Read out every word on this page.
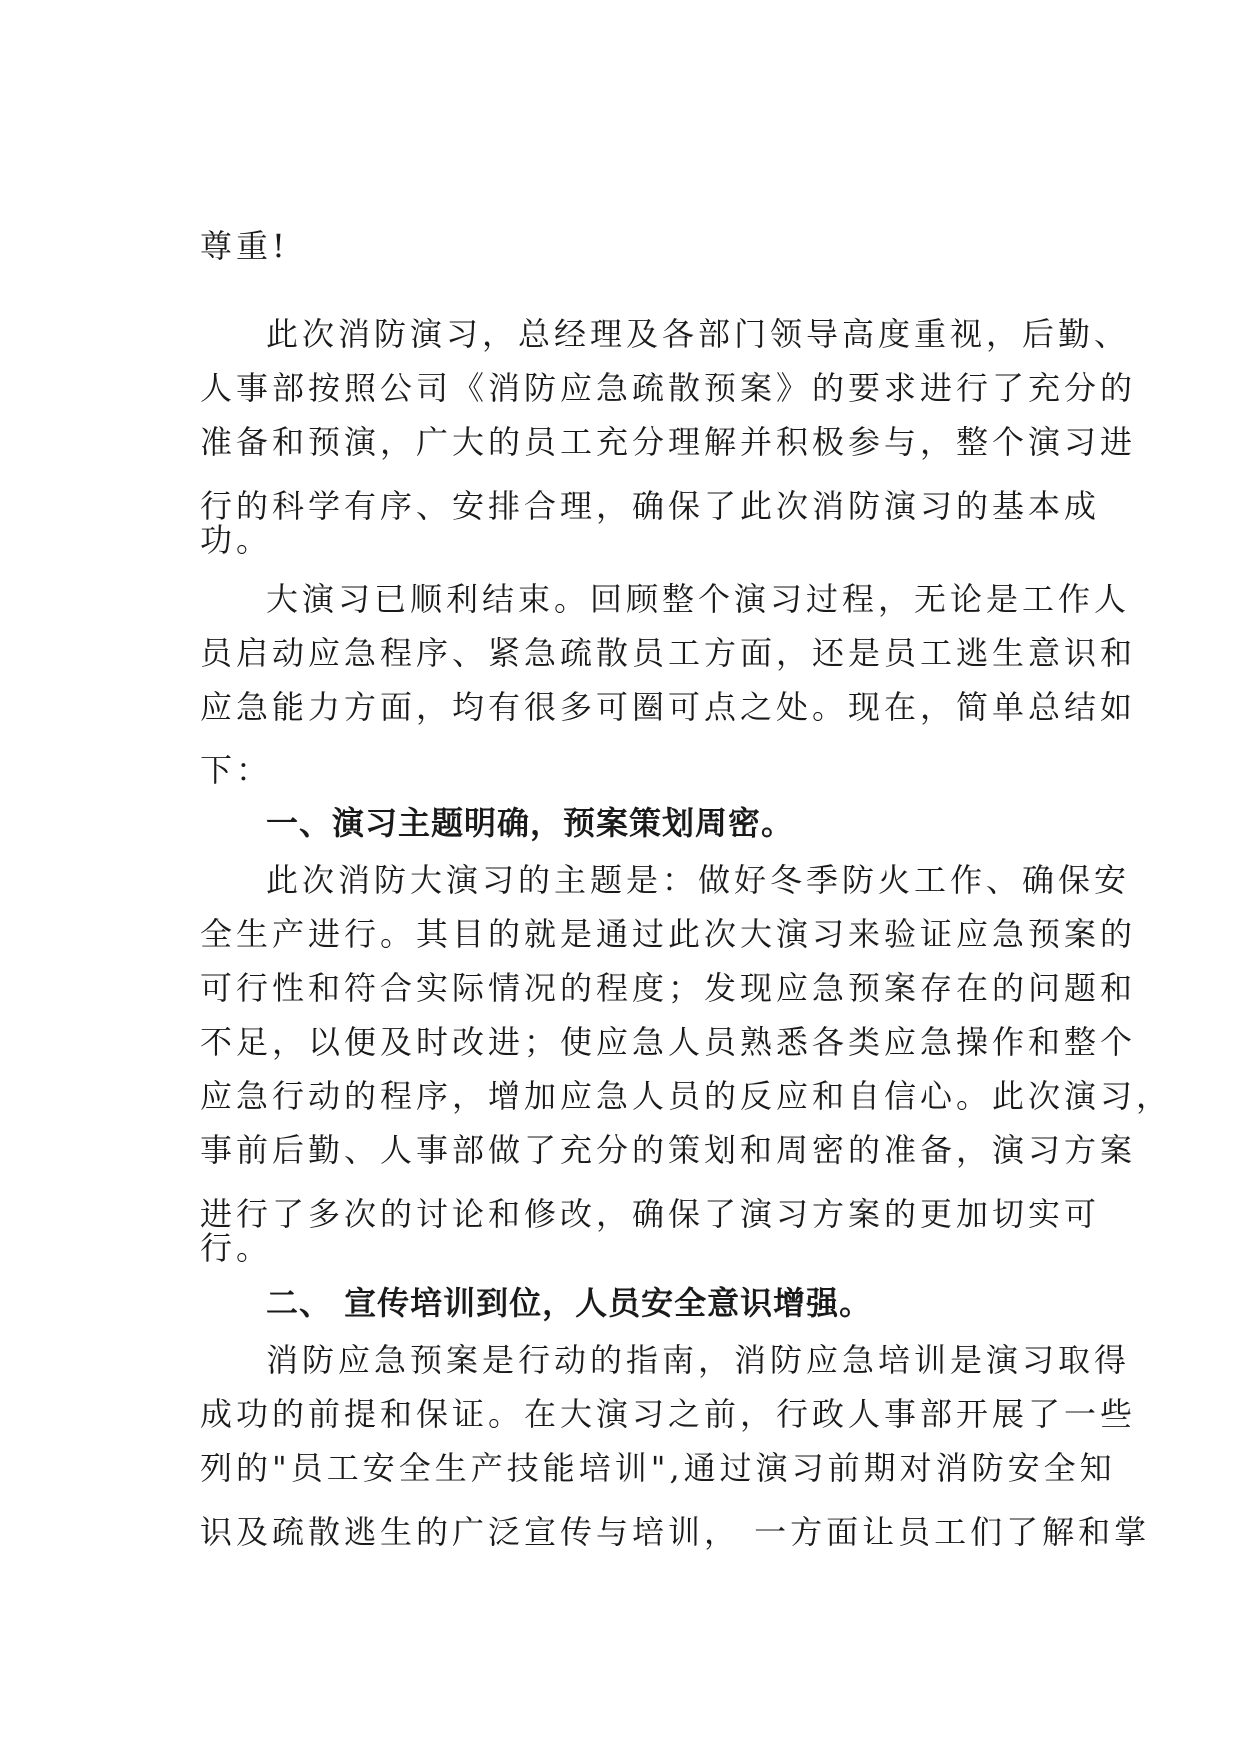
尊重!
此次消防演习，总经理及各部门领导高度重视，后勤、
人事部按照公司《消防应急疏散预案》的要求进行了充分的
准备和预演，广大的员工充分理解并积极参与，整个演习进
行的科学有序、安排合理，确保了此次消防演习的基本成
功。
大演习已顺利结束。回顾整个演习过程，无论是工作人
员启动应急程序、紧急疏散员工方面，还是员工逃生意识和
应急能力方面，均有很多可圈可点之处。现在，简单总结如
下：
一、演习主题明确，预案策划周密。
此次消防大演习的主题是：做好冬季防火工作、确保安
全生产进行。其目的就是通过此次大演习来验证应急预案的
可行性和符合实际情况的程度；发现应急预案存在的问题和
不足，以便及时改进；使应急人员熟悉各类应急操作和整个
应急行动的程序，增加应急人员的反应和自信心。此次演习，
事前后勤、人事部做了充分的策划和周密的准备，演习方案
进行了多次的讨论和修改，确保了演习方案的更加切实可
行。
二、 宣传培训到位，人员安全意识增强。
消防应急预案是行动的指南，消防应急培训是演习取得
成功的前提和保证。在大演习之前，行政人事部开展了一些
列的"员工安全生产技能培训",通过演习前期对消防安全知
识及疏散逃生的广泛宣传与培训， 一方面让员工们了解和掌
